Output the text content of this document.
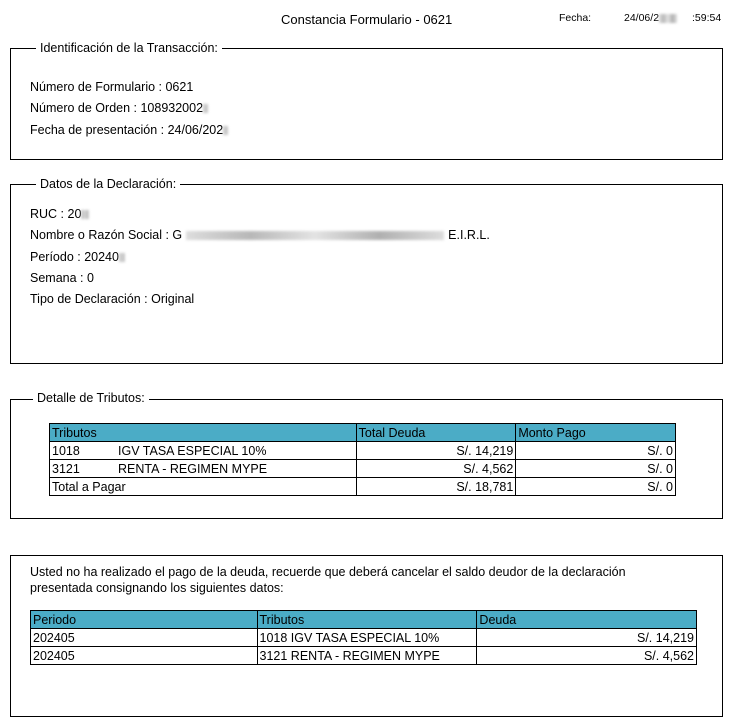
Constancia Formulario - 0621	Fecha:	24/06/2	:59:54
Identificación de la Transacción:
Número de Formulario : 0621
Número de Orden : 108932002
Fecha de presentación : 24/06/202
Datos de la Declaración:
RUC : 20
Nombre o Razón Social : G	E.I.R.L.
Período : 20240
Semana : 0
Tipo de Declaración : Original
Detalle de Tributos:
Tributos	Total Deuda	Monto Pago
1018 IGV TASA ESPECIAL 10%	S/. 14,219	S/. 0
3121 RENTA - REGIMEN MYPE	S/. 4,562	S/. 0
Total a Pagar	S/. 18,781	S/. 0
Usted no ha realizado el pago de la deuda, recuerde que deberá cancelar el saldo deudor de la declaración
presentada consignando los siguientes datos:
Periodo	Tributos	Deuda
202405	1018 IGV TASA ESPECIAL 10%	S/. 14,219
202405	3121 RENTA - REGIMEN MYPE	S/. 4,562
